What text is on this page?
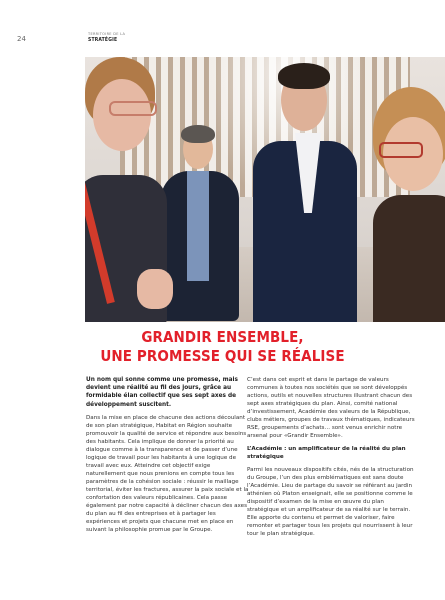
24
TERRITOIRE DE LA
STRATÉGIE
GRANDIR ENSEMBLE,
UNE PROMESSE QUI SE RÉALISE

Un nom qui sonne comme une promesse, mais devient une réalité au fil des jours, grâce au formidable élan collectif que ses sept axes de développement suscitent.

Dans la mise en place de chacune des actions découlant de son plan stratégique, Habitat en Région souhaite promouvoir la qualité de service et répondre aux besoins des habitants. Cela implique de donner la priorité au dialogue comme à la transparence et de passer d’une logique de travail pour les habitants à une logique de travail avec eux. Atteindre cet objectif exige naturellement que nous prenions en compte tous les paramètres de la cohésion sociale : réussir le maillage territorial, éviter les fractures, assurer la paix sociale et la confortation des valeurs républicaines. Cela passe également par notre capacité à décliner chacun des axes du plan au fil des entreprises et à partager les expériences et projets que chacune met en place en suivant la philosophie promue par le Groupe.

C’est dans cet esprit et dans le partage de valeurs communes à toutes nos sociétés que se sont développés actions, outils et nouvelles structures illustrant chacun des sept axes stratégiques du plan. Ainsi, comité national d’investissement, Académie des valeurs de la République, clubs métiers, groupes de travaux thématiques, indicateurs RSE, groupements d’achats… sont venus enrichir notre arsenal pour «Grandir Ensemble».

L’Académie : un amplificateur de la réalité du plan stratégique

Parmi les nouveaux dispositifs cités, nés de la structuration du Groupe, l’un des plus emblématiques est sans doute l’Académie. Lieu de partage du savoir se référant au jardin athénien où Platon enseignait, elle se positionne comme le dispositif d’examen de la mise en œuvre du plan stratégique et un amplificateur de sa réalité sur le terrain. Elle apporte du contenu et permet de valoriser, faire remonter et partager tous les projets qui nourrissent à leur tour le plan stratégique.
